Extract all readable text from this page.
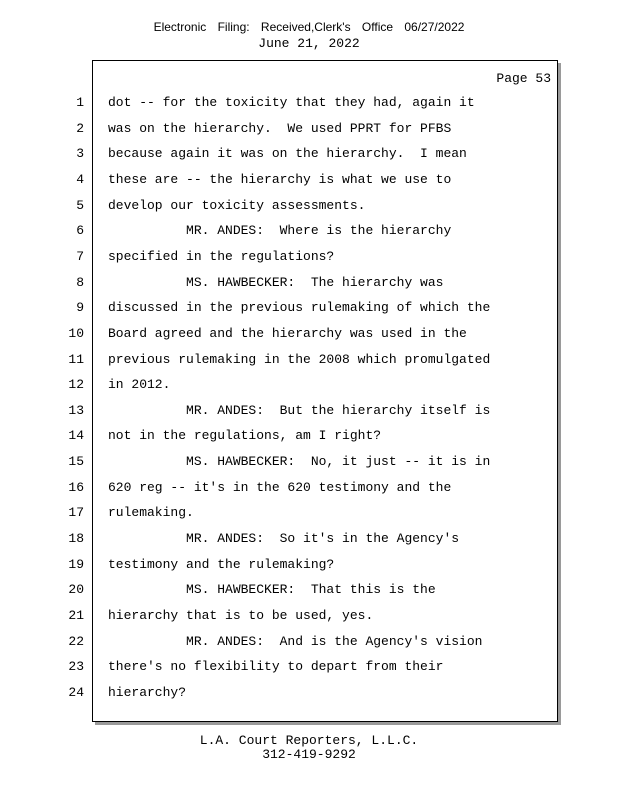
Electronic Filing: Received,Clerk's Office 06/27/2022
June 21, 2022
Page 53
1 dot -- for the toxicity that they had, again it
2 was on the hierarchy.  We used PPRT for PFBS
3 because again it was on the hierarchy.  I mean
4 these are -- the hierarchy is what we use to
5 develop our toxicity assessments.
6 MR. ANDES:  Where is the hierarchy
7 specified in the regulations?
8 MS. HAWBECKER:  The hierarchy was
9 discussed in the previous rulemaking of which the
10 Board agreed and the hierarchy was used in the
11 previous rulemaking in the 2008 which promulgated
12 in 2012.
13 MR. ANDES:  But the hierarchy itself is
14 not in the regulations, am I right?
15 MS. HAWBECKER:  No, it just -- it is in
16 620 reg -- it's in the 620 testimony and the
17 rulemaking.
18 MR. ANDES:  So it's in the Agency's
19 testimony and the rulemaking?
20 MS. HAWBECKER:  That this is the
21 hierarchy that is to be used, yes.
22 MR. ANDES:  And is the Agency's vision
23 there's no flexibility to depart from their
24 hierarchy?
L.A. Court Reporters, L.L.C.
312-419-9292
